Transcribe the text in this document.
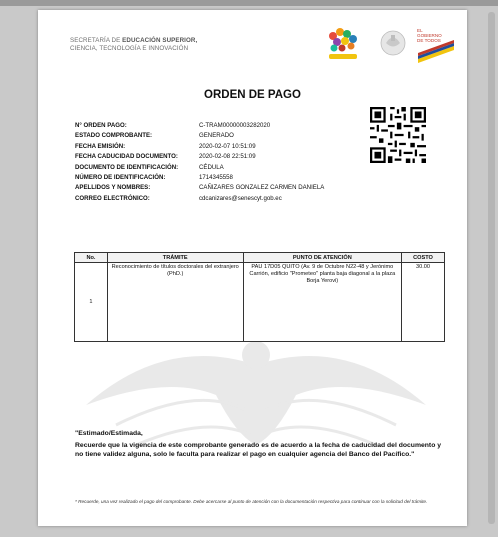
SECRETARÍA DE EDUCACIÓN SUPERIOR,
CIENCIA, TECNOLOGÍA E INNOVACIÓN
EL
GOBIERNO
DE TODOS
ORDEN DE PAGO
N° ORDEN PAGO:	C-TRAM00000003282020
ESTADO COMPROBANTE:	GENERADO
FECHA EMISIÓN:	2020-02-07 10:51:09
FECHA CADUCIDAD DOCUMENTO:	2020-02-08 22:51:09
DOCUMENTO DE IDENTIFICACIÓN:	CÉDULA
NÚMERO DE IDENTIFICACIÓN:	1714345558
APELLIDOS Y NOMBRES:	CAÑIZARES GONZALEZ CARMEN DANIELA
CORREO ELECTRÓNICO:	cdcanizares@senescyt.gob.ec
No.	TRÁMITE	PUNTO DE ATENCIÓN	COSTO
1	Reconocimiento de títulos doctorales del extranjero (PhD.)	PAU 17D05 QUITO (Av. 9 de Octubre N22-48 y Jerónimo Carrión, edificio "Prometeo" planta baja diagonal a la plaza Borja Yerovi)	30.00
"Estimado/Estimada,
Recuerde que la vigencia de este comprobante generado es de acuerdo a la fecha de caducidad del documento y no tiene validez alguna, solo le faculta para realizar el pago en cualquier agencia del Banco del Pacífico."
* Recuerde, una vez realizado el pago del comprobante. Debe acercarse al punto de atención con la documentación respectiva para continuar con la solicitud del trámite.
